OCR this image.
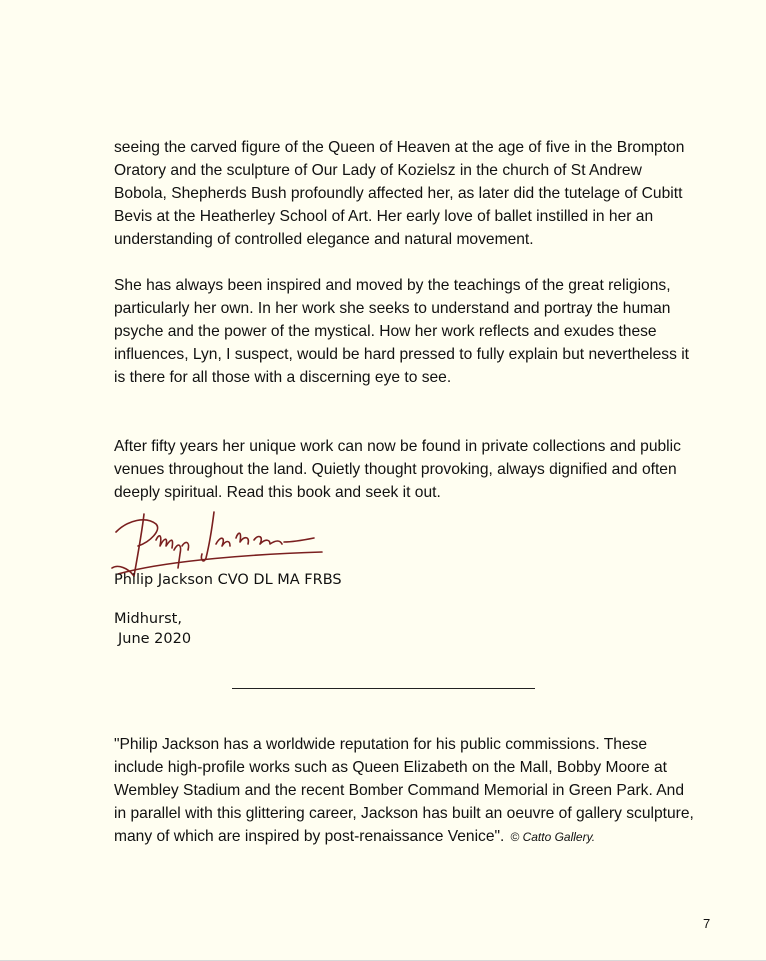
seeing the carved figure of the Queen of Heaven at the age of five in the Brompton Oratory and the sculpture of Our Lady of Kozielsz in the church of St Andrew Bobola, Shepherds Bush profoundly affected her, as later did the tutelage of Cubitt Bevis at the Heatherley School of Art. Her early love of ballet instilled in her an understanding of controlled elegance and natural movement.

She has always been inspired and moved by the teachings of the great religions, particularly her own. In her work she seeks to understand and portray the human psyche and the power of the mystical. How her work reflects and exudes these influences, Lyn, I suspect, would be hard pressed to fully explain but nevertheless it is there for all those with a discerning eye to see.

After fifty years her unique work can now be found in private collections and public venues throughout the land. Quietly thought provoking, always dignified and often deeply spiritual. Read this book and seek it out.

Philip Jackson CVO DL MA FRBS
Midhurst,
June 2020

"Philip Jackson has a worldwide reputation for his public commissions. These include high-profile works such as Queen Elizabeth on the Mall, Bobby Moore at Wembley Stadium and the recent Bomber Command Memorial in Green Park. And in parallel with this glittering career, Jackson has built an oeuvre of gallery sculpture, many of which are inspired by post-renaissance Venice". © Catto Gallery.

7
